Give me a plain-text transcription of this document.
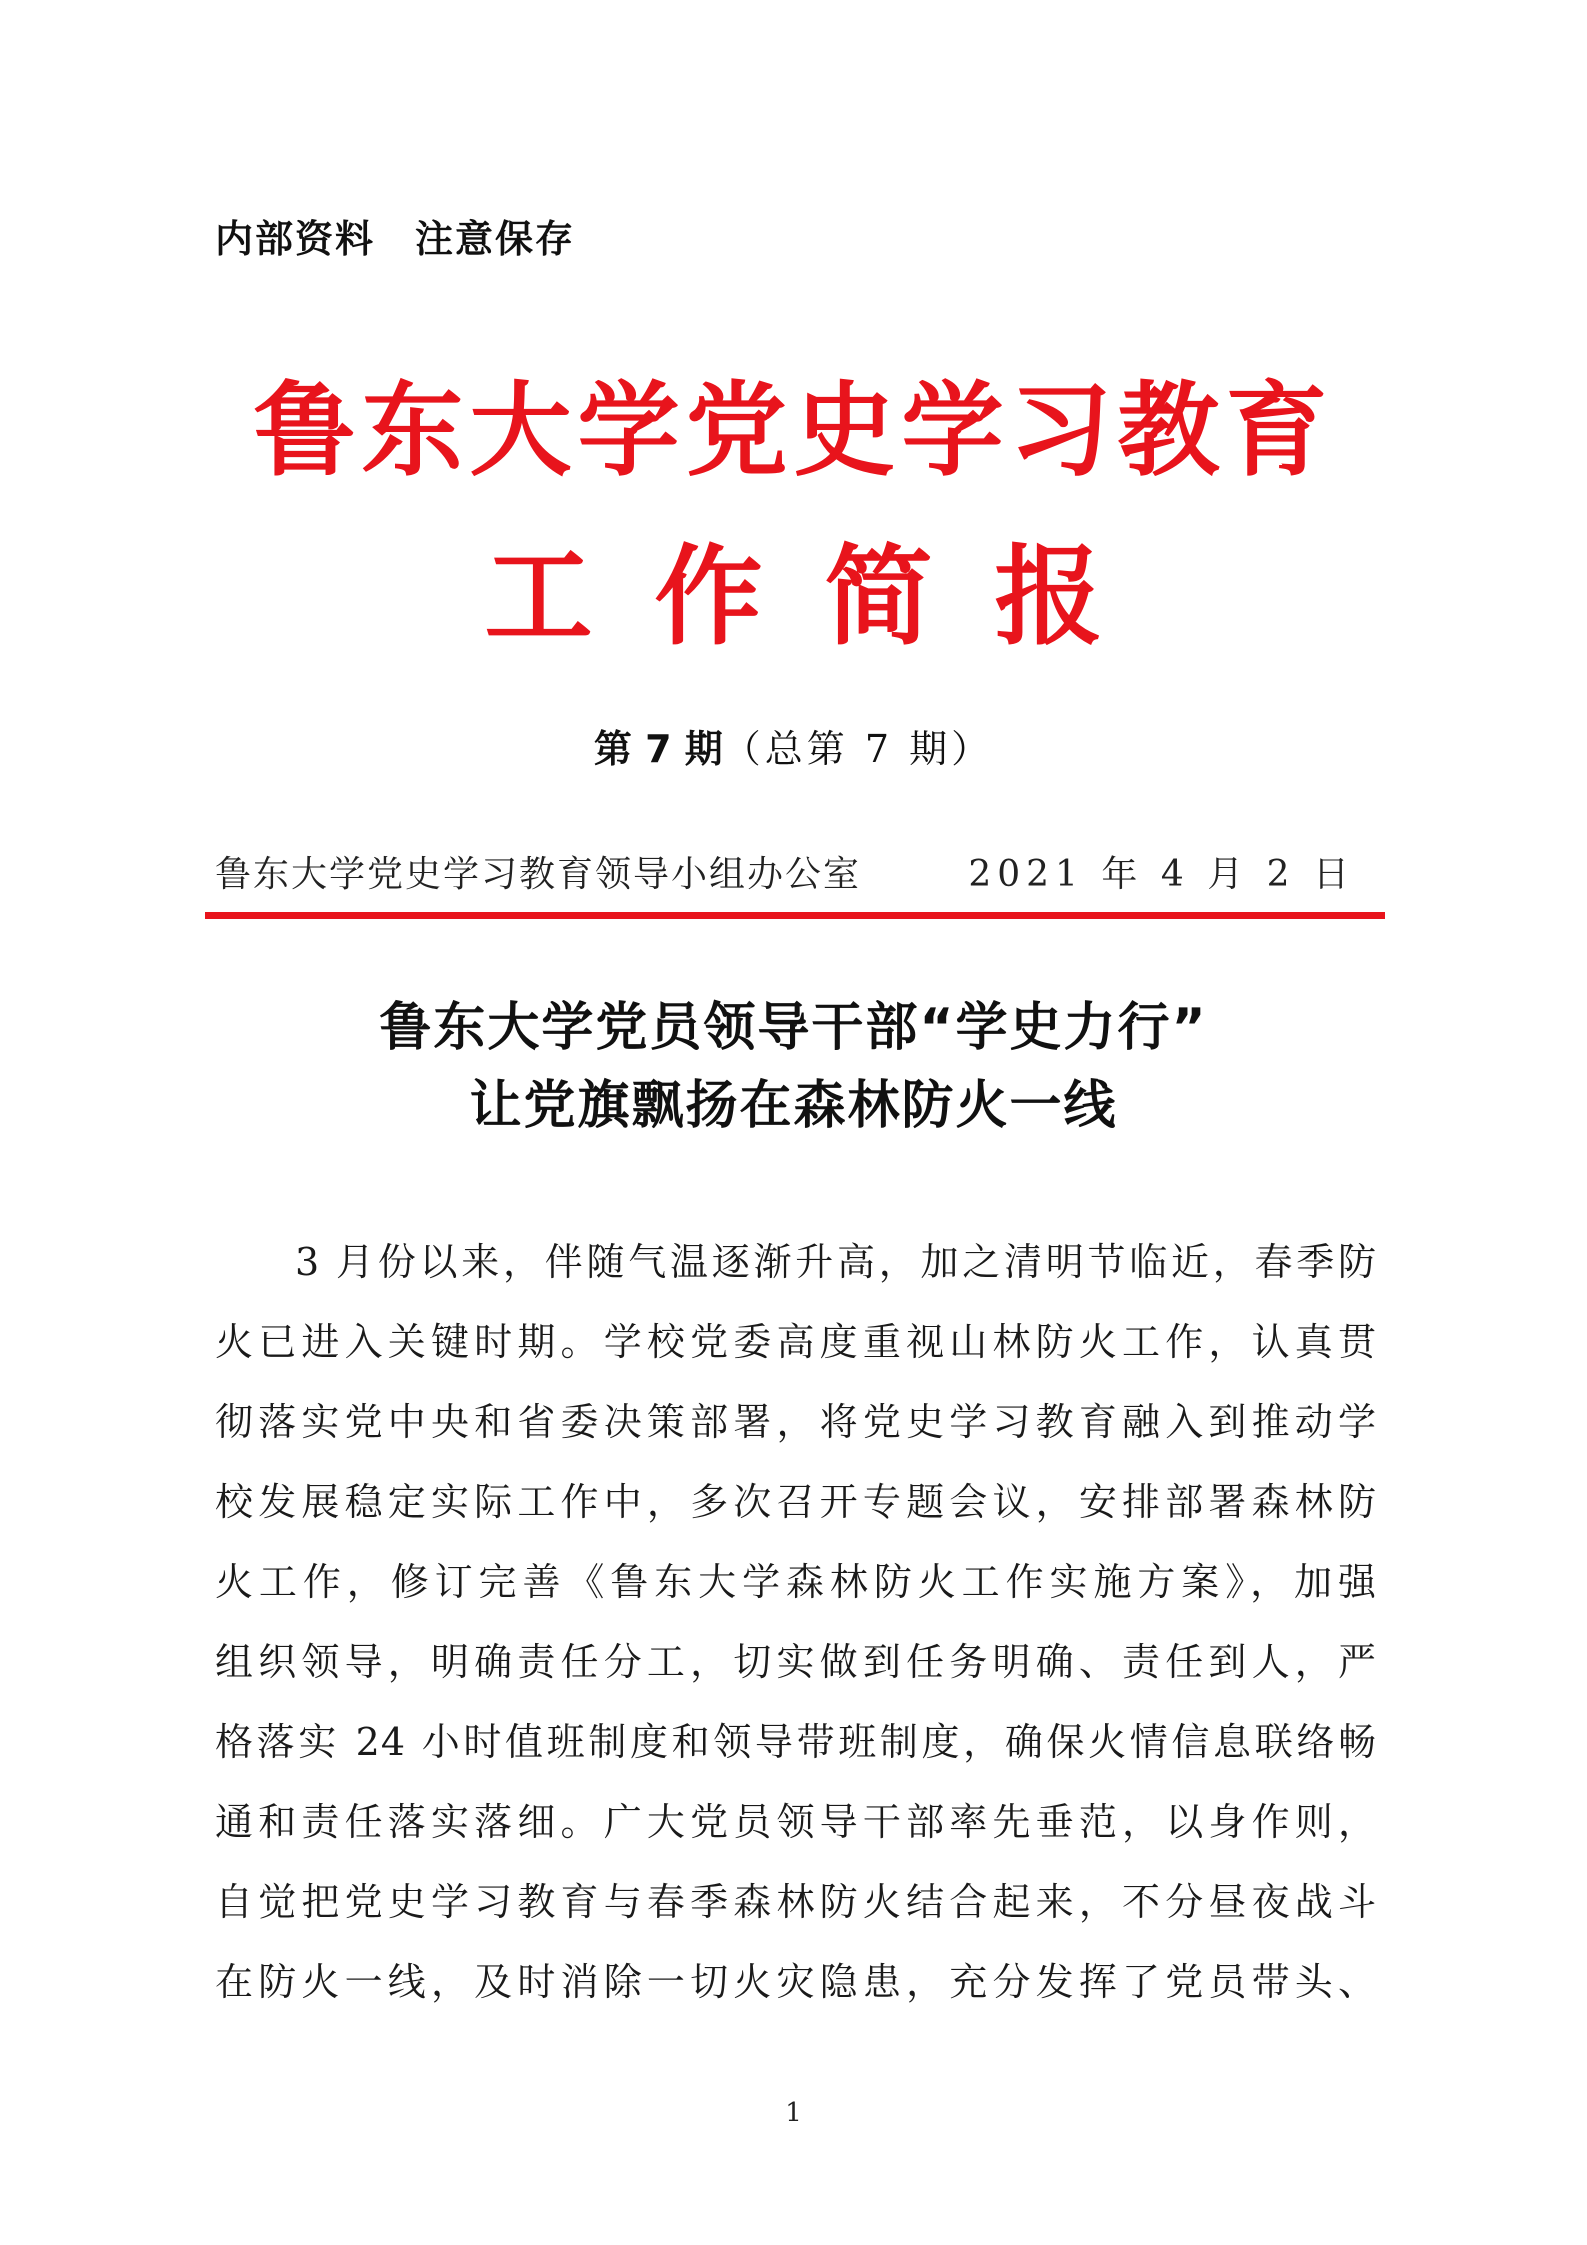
内部资料　注意保存
鲁东大学党史学习教育
工作简报
第 7 期（总第 7 期）
鲁东大学党史学习教育领导小组办公室	2021 年 4 月 2 日
鲁东大学党员领导干部“学史力行”
让党旗飘扬在森林防火一线
3 月份以来，伴随气温逐渐升高，加之清明节临近，春季防
火已进入关键时期。学校党委高度重视山林防火工作，认真贯
彻落实党中央和省委决策部署，将党史学习教育融入到推动学
校发展稳定实际工作中，多次召开专题会议，安排部署森林防
火工作，修订完善《鲁东大学森林防火工作实施方案》，加强
组织领导，明确责任分工，切实做到任务明确、责任到人，严
格落实 24 小时值班制度和领导带班制度，确保火情信息联络畅
通和责任落实落细。广大党员领导干部率先垂范，以身作则，
自觉把党史学习教育与春季森林防火结合起来，不分昼夜战斗
在防火一线，及时消除一切火灾隐患，充分发挥了党员带头、
1
